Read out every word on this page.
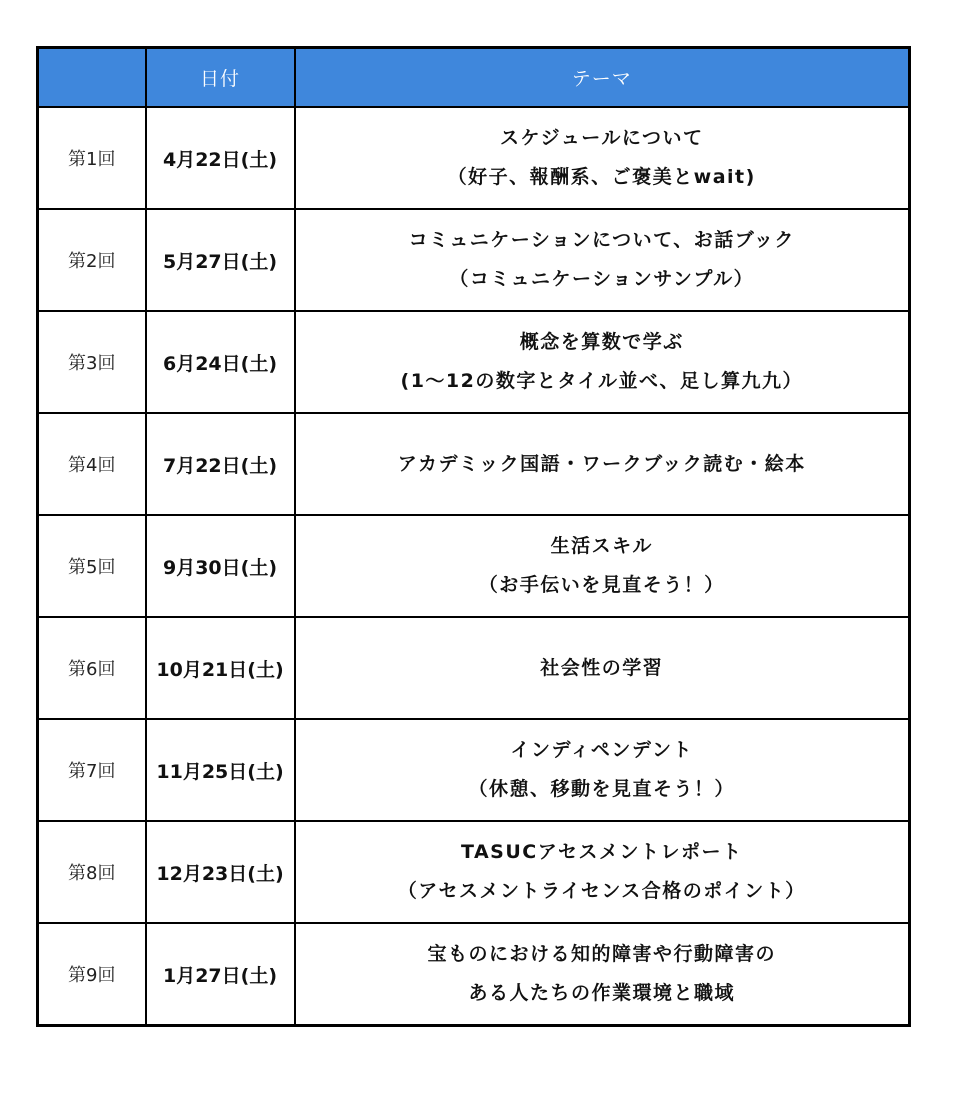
	日付	テーマ
第1回	4月22日(土)	スケジュールについて
（好子、報酬系、ご褒美とwait)

第2回	5月27日(土)	コミュニケーションについて、お話ブック
（コミュニケーションサンプル）

第3回	6月24日(土)	概念を算数で学ぶ
(1〜12の数字とタイル並べ、足し算九九）

第4回	7月22日(土)	アカデミック国語・ワークブック読む・絵本

第5回	9月30日(土)	生活スキル
（お手伝いを見直そう！）

第6回	10月21日(土)	社会性の学習

第7回	11月25日(土)	インディペンデント
（休憩、移動を見直そう！）

第8回	12月23日(土)	TASUCアセスメントレポート
（アセスメントライセンス合格のポイント）

第9回	1月27日(土)	宝ものにおける知的障害や行動障害の
ある人たちの作業環境と職域
